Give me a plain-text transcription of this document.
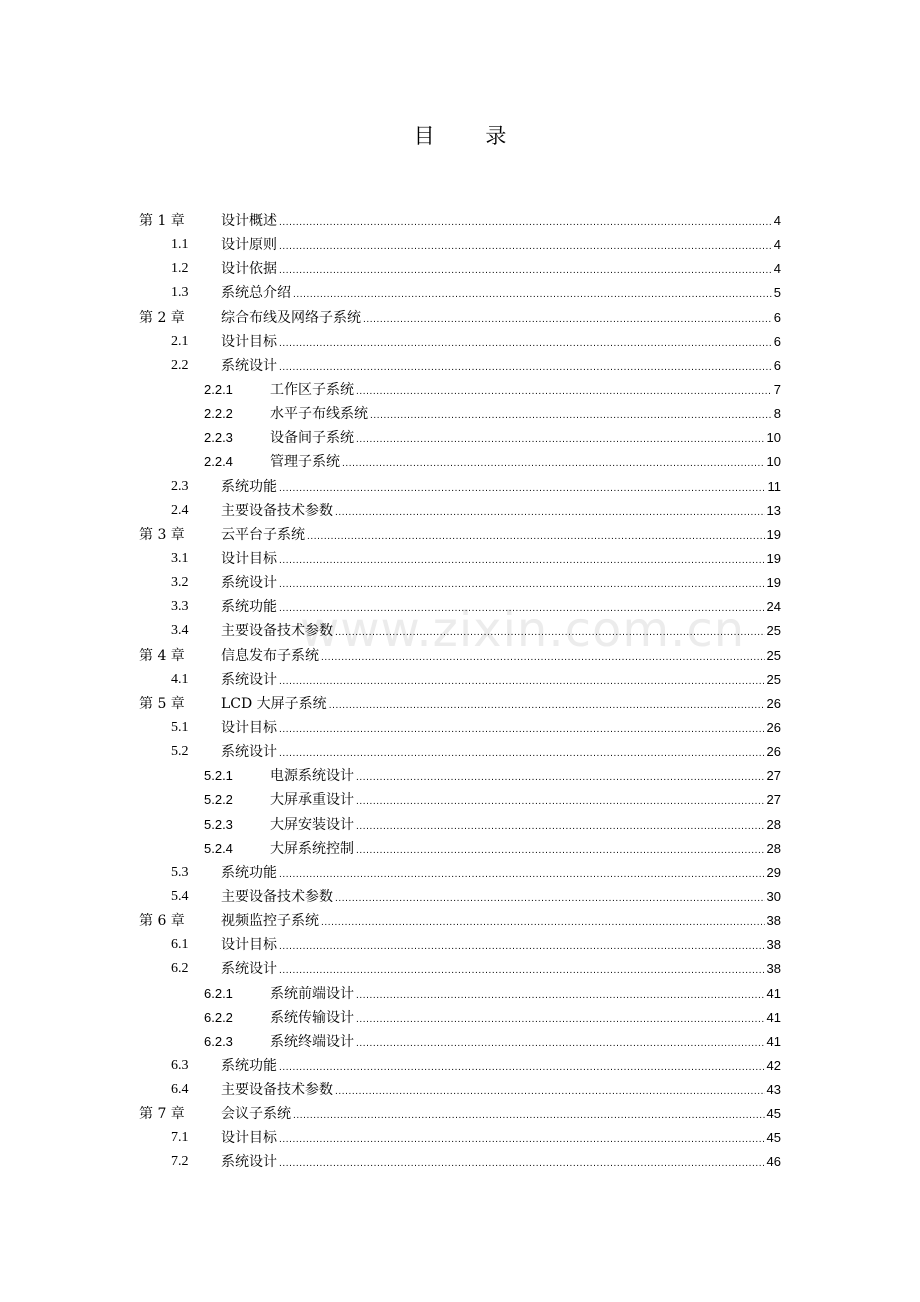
目 录
www.zixin.com.cn
第 1 章	设计概述 .....	4
1.1 设计原则 .....	4
1.2 设计依据 .....	4
1.3 系统总介绍 .....	5
第 2 章	综合布线及网络子系统 .....	6
2.1 设计目标 .....	6
2.2 系统设计 .....	6
2.2.1	工作区子系统 .....	7
2.2.2	水平子布线系统 .....	8
2.2.3	设备间子系统 .....	10
2.2.4	管理子系统 .....	10
2.3 系统功能 .....	11
2.4 主要设备技术参数 .....	13
第 3 章	云平台子系统 .....	19
3.1 设计目标 .....	19
3.2 系统设计 .....	19
3.3 系统功能 .....	24
3.4 主要设备技术参数 .....	25
第 4 章	信息发布子系统 .....	25
4.1 系统设计 .....	25
第 5 章	LCD 大屏子系统 .....	26
5.1 设计目标 .....	26
5.2 系统设计 .....	26
5.2.1	电源系统设计 .....	27
5.2.2	大屏承重设计 .....	27
5.2.3	大屏安装设计 .....	28
5.2.4	大屏系统控制 .....	28
5.3 系统功能 .....	29
5.4 主要设备技术参数 .....	30
第 6 章	视频监控子系统 .....	38
6.1 设计目标 .....	38
6.2 系统设计 .....	38
6.2.1	系统前端设计 .....	41
6.2.2	系统传输设计 .....	41
6.2.3	系统终端设计 .....	41
6.3 系统功能 .....	42
6.4 主要设备技术参数 .....	43
第 7 章	会议子系统 .....	45
7.1 设计目标 .....	45
7.2 系统设计 .....	46
